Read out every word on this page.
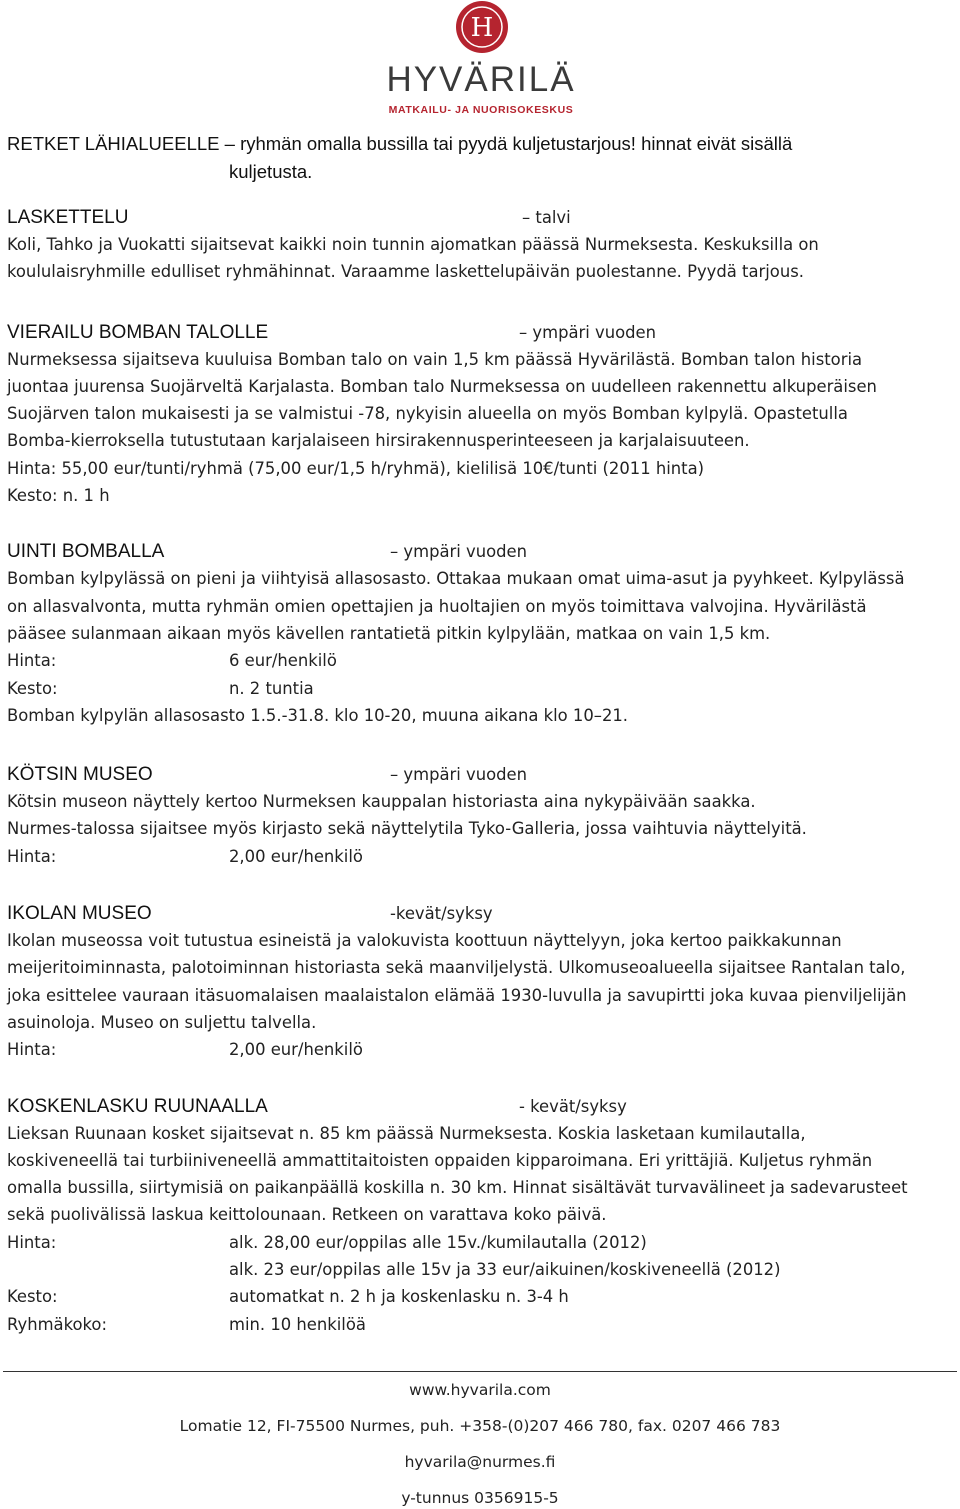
H
HYVÄRILÄ
MATKAILU- JA NUORISOKESKUS
RETKET LÄHIALUEELLE – ryhmän omalla bussilla tai pyydä kuljetustarjous! hinnat eivät sisällä
kuljetusta.
LASKETTELU	– talvi
Koli, Tahko ja Vuokatti sijaitsevat kaikki noin tunnin ajomatkan päässä Nurmeksesta. Keskuksilla on
koululaisryhmille edulliset ryhmähinnat. Varaamme laskettelupäivän puolestanne. Pyydä tarjous.
VIERAILU BOMBAN TALOLLE	– ympäri vuoden
Nurmeksessa sijaitseva kuuluisa Bomban talo on vain 1,5 km päässä Hyvärilästä. Bomban talon historia
juontaa juurensa Suojärveltä Karjalasta. Bomban talo Nurmeksessa on uudelleen rakennettu alkuperäisen
Suojärven talon mukaisesti ja se valmistui -78, nykyisin alueella on myös Bomban kylpylä. Opastetulla
Bomba-kierroksella tutustutaan karjalaiseen hirsirakennusperinteeseen ja karjalaisuuteen.
Hinta: 55,00 eur/tunti/ryhmä (75,00 eur/1,5 h/ryhmä), kielilisä 10€/tunti (2011 hinta)
Kesto: n. 1 h
UINTI BOMBALLA	– ympäri vuoden
Bomban kylpylässä on pieni ja viihtyisä allasosasto. Ottakaa mukaan omat uima-asut ja pyyhkeet. Kylpylässä
on allasvalvonta, mutta ryhmän omien opettajien ja huoltajien on myös toimittava valvojina. Hyvärilästä
pääsee sulanmaan aikaan myös kävellen rantatietä pitkin kylpylään, matkaa on vain 1,5 km.
Hinta:	6 eur/henkilö
Kesto:	n. 2 tuntia
Bomban kylpylän allasosasto 1.5.-31.8. klo 10-20, muuna aikana klo 10–21.
KÖTSIN MUSEO	– ympäri vuoden
Kötsin museon näyttely kertoo Nurmeksen kauppalan historiasta aina nykypäivään saakka.
Nurmes-talossa sijaitsee myös kirjasto sekä näyttelytila Tyko-Galleria, jossa vaihtuvia näyttelyitä.
Hinta:	2,00 eur/henkilö
IKOLAN MUSEO	-kevät/syksy
Ikolan museossa voit tutustua esineistä ja valokuvista koottuun näyttelyyn, joka kertoo paikkakunnan
meijeritoiminnasta, palotoiminnan historiasta sekä maanviljelystä. Ulkomuseoalueella sijaitsee Rantalan talo,
joka esittelee vauraan itäsuomalaisen maalaistalon elämää 1930-luvulla ja savupirtti joka kuvaa pienviljelijän
asuinoloja. Museo on suljettu talvella.
Hinta:	2,00 eur/henkilö
KOSKENLASKU RUUNAALLA	- kevät/syksy
Lieksan Ruunaan kosket sijaitsevat n. 85 km päässä Nurmeksesta. Koskia lasketaan kumilautalla,
koskiveneellä tai turbiiniveneellä ammattitaitoisten oppaiden kipparoimana. Eri yrittäjiä. Kuljetus ryhmän
omalla bussilla, siirtymisiä on paikanpäällä koskilla n. 30 km. Hinnat sisältävät turvavälineet ja sadevarusteet
sekä puolivälissä laskua keittolounaan. Retkeen on varattava koko päivä.
Hinta:	alk. 28,00 eur/oppilas alle 15v./kumilautalla (2012)
alk. 23 eur/oppilas alle 15v ja 33 eur/aikuinen/koskiveneellä (2012)
Kesto:	automatkat n. 2 h ja koskenlasku n. 3-4 h
Ryhmäkoko:	min. 10 henkilöä
www.hyvarila.com
Lomatie 12, FI-75500 Nurmes, puh. +358-(0)207 466 780, fax. 0207 466 783
hyvarila@nurmes.fi
y-tunnus 0356915-5
